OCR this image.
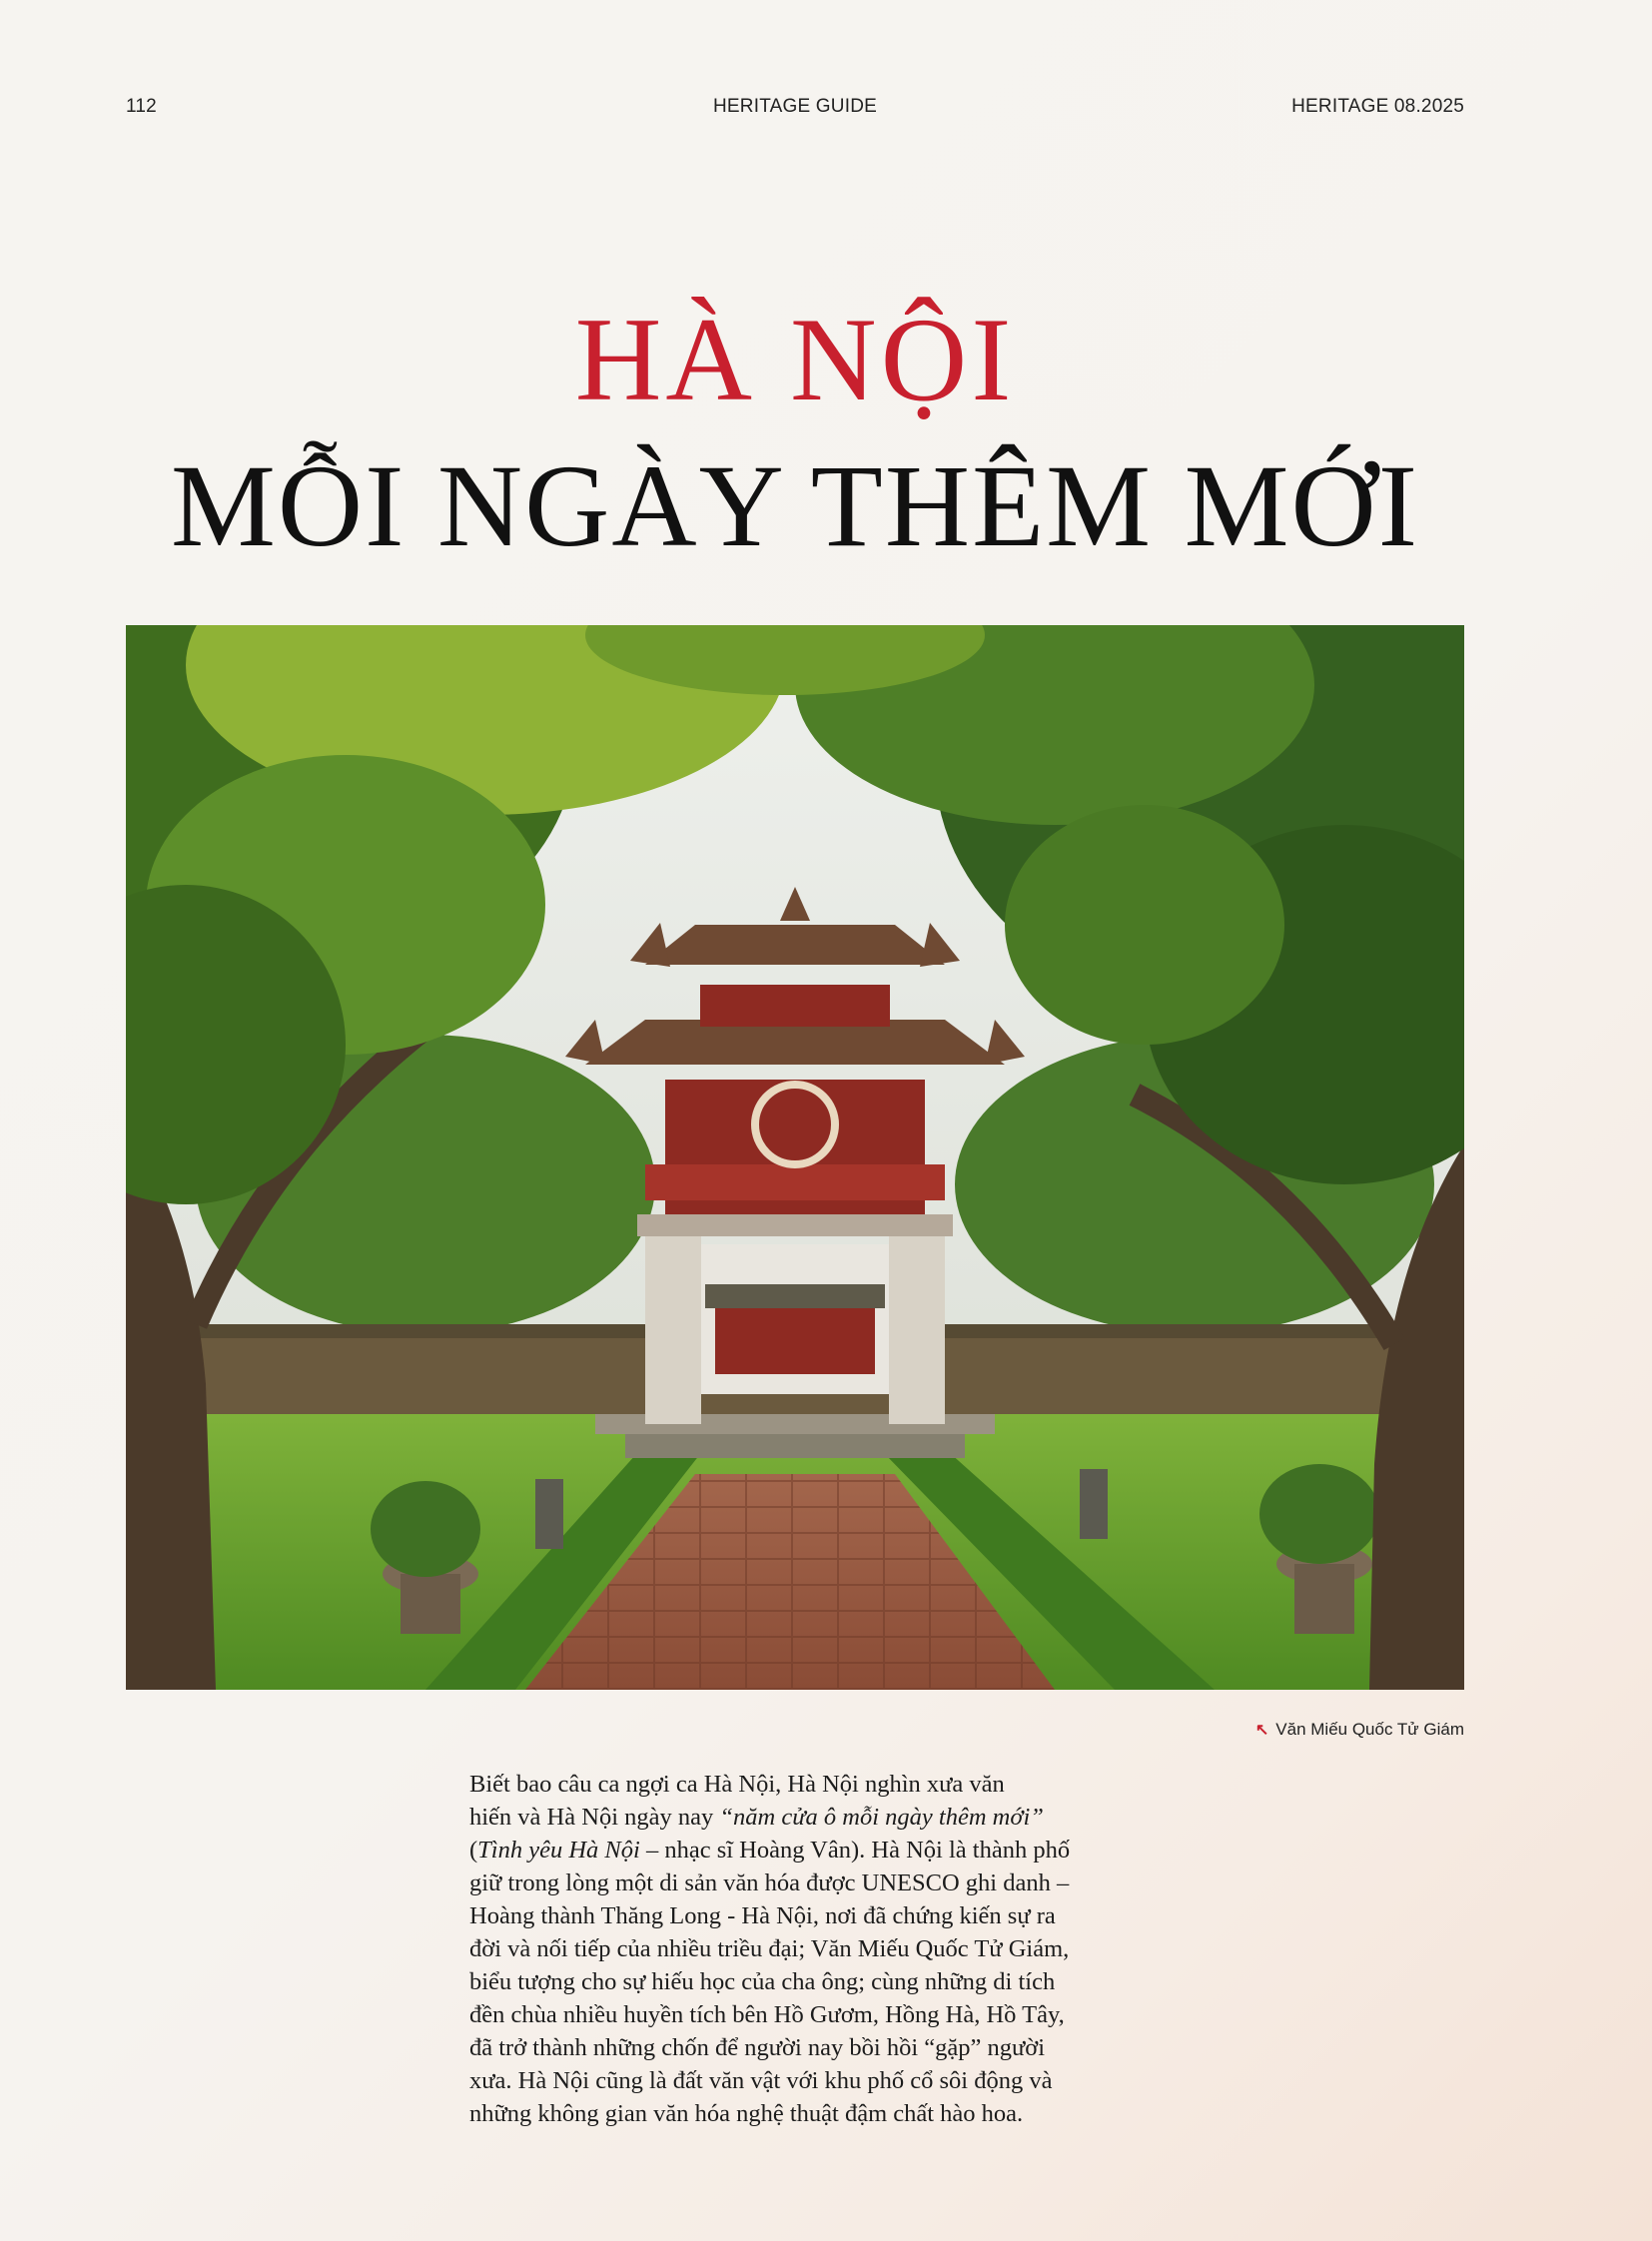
112	HERITAGE GUIDE	HERITAGE 08.2025
HÀ NỘI
MỖI NGÀY THÊM MỚI
↖ Văn Miếu Quốc Tử Giám
Biết bao câu ca ngợi ca Hà Nội, Hà Nội nghìn xưa văn
hiến và Hà Nội ngày nay “năm cửa ô mỗi ngày thêm mới”
(Tình yêu Hà Nội – nhạc sĩ Hoàng Vân). Hà Nội là thành phố
giữ trong lòng một di sản văn hóa được UNESCO ghi danh –
Hoàng thành Thăng Long - Hà Nội, nơi đã chứng kiến sự ra
đời và nối tiếp của nhiều triều đại; Văn Miếu Quốc Tử Giám,
biểu tượng cho sự hiếu học của cha ông; cùng những di tích
đền chùa nhiều huyền tích bên Hồ Gươm, Hồng Hà, Hồ Tây,
đã trở thành những chốn để người nay bồi hồi “gặp” người
xưa. Hà Nội cũng là đất văn vật với khu phố cổ sôi động và
những không gian văn hóa nghệ thuật đậm chất hào hoa.
